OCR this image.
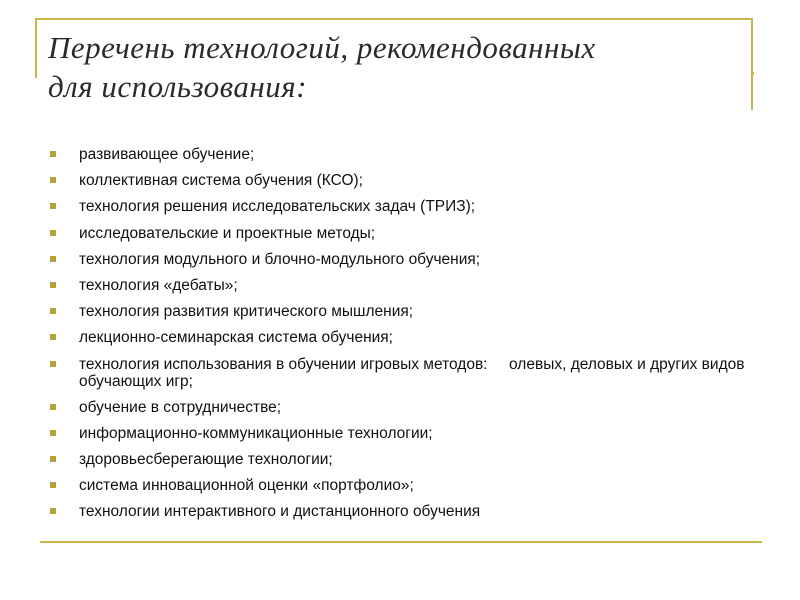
Перечень технологий, рекомендованных
для использования:
развивающее обучение;
коллективная система обучения (КСО);
технология решения исследовательских задач (ТРИЗ);
исследовательские и проектные методы;
технология модульного и блочно-модульного обучения;
технология «дебаты»;
технология развития критического мышления;
лекционно-семинарская система обучения;
технология использования в обучении игровых методов:     олевых, деловых и других видов обучающих игр;
обучение в сотрудничестве;
информационно-коммуникационные технологии;
здоровьесберегающие технологии;
система инновационной оценки «портфолио»;
технологии интерактивного и дистанционного обучения
